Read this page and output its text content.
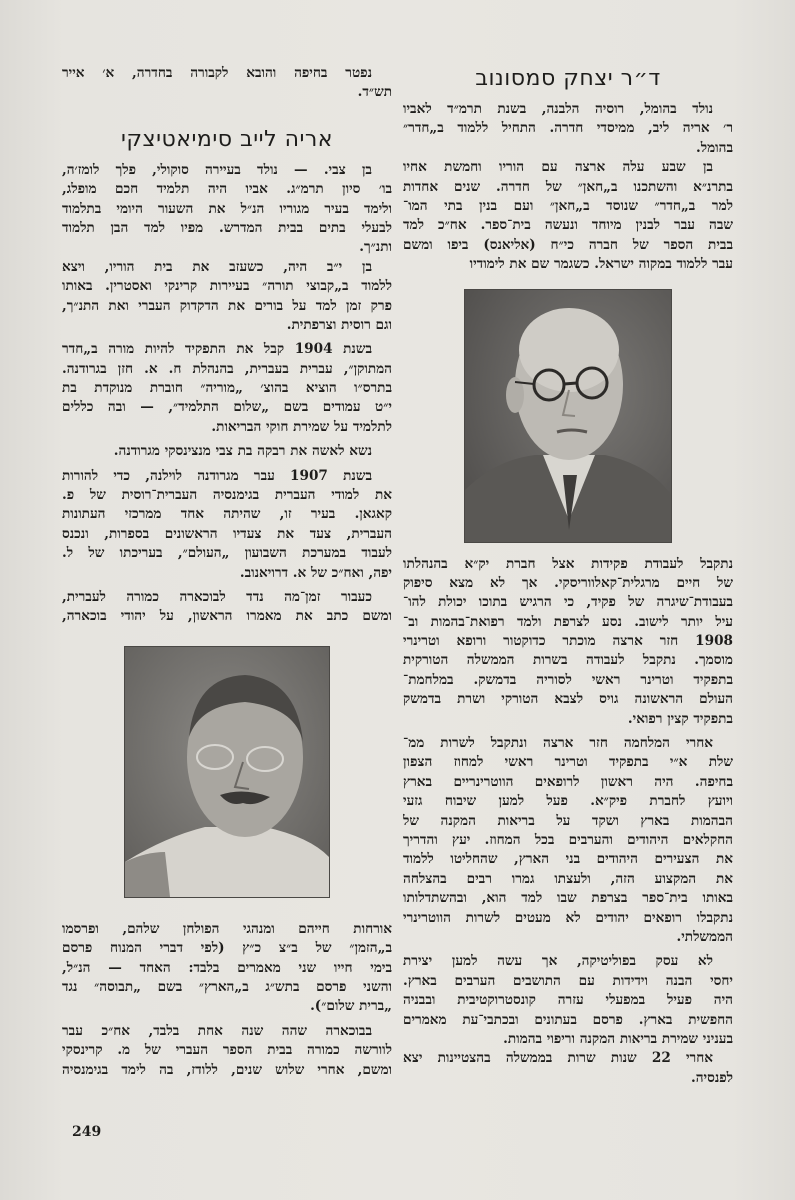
ד״ר יצחק סמסונוב
נולד בהומל, רוסיה הלבנה, בשנת תרמ״ד לאביו
ר׳ אריה ליב, ממיסדי חדרה. התחיל ללמוד ב„חדר״
בהומל.
בן שבע עלה ארצה עם הוריו וחמשת אחיו
בתרנ״א והשתכנו ב„חאן״ של חדרה. שנים אחדות
למר ב„חדר״ שנוסד ב„חאן״ ועם בנין בתי המו־
שבה עבר לבנין מיוחד ונעשה בית־ספר. אח״כ למד
בבית הספר של חברה כי״ח (אליאנס) ביפו ומשם
עבר ללמוד במקוה ישראל. כשגמר שם את לימודיו
נתקבל לעבודת פקידות אצל חברת יק״א בהנהלתו
של חיים מרגלית־קאלווריסקי. אך לא מצא סיפוק
בעבודת־שיגרה של פקיד, כי הרגיש בתוכו יכולת להו־
עיל יותר לישוב. נסע לצרפת ולמד רפואת־בהמות וב־
1908 חזר ארצה מוכתר כדוקטור ורופא וטרינרי
מוסמך. נתקבל לעבודה בשרות הממשלה הטורקית
בתפקיד וטרינר ראשי לסוריה בדמשק. במלחמת־
העולם הראשונה גויס לצבא הטורקי ושרת בדמשק
בתפקיד קצין רפואי.
אחרי המלחמה חזר ארצה ונתקבל לשרות ממ־
שלת א״י בתפקיד וטרינר ראשי למחוז הצפון
בחיפה. היה ראשון לרופאים הווטרינריים בארץ
ויועץ לחברת פיק״א. פעל למען שיבוח גזעי
הבהמות בארץ ושקד על בריאות המקנה של
החקלאים היהודים והערבים בכל המחוז. יעץ והדריך
את הצעירים היהודים בני הארץ, שהחליטו ללמוד
את המקצוע הזה, ולעצתו גמרו רבים בהצלחה
באותו בית־ספר בצרפת שבו למד הוא, ובהשתדלותו
נתקבלו רופאים יהודים לא מעטים לשרות הווטרינרי
הממשלתי.
לא עסק בפוליטיקה, אך עשה למען יצירת
יחסי הבנה וידידות עם התושבים הערבים בארץ.
היה פעיל במפעלי עזרה קונסטרוקטיבית ובבניה
החפשית בארץ. פרסם בעתונים ובכתבי־עת מאמרים
בעניני שמירת בריאות המקנה וריפוי בהמות.
אחרי 22 שנות שרות בממשלה בהצטיינות יצא
לפנסיה.
נפטר בחיפה והובא לקבורה בחדרה, א׳ אייר
תש״ד.
אריה לייב סימיאטיצקי
בן צבי. — נולד בעיירה סוקולי, פלך לומז׳ה,
בו׳ סיון תרמ״ג. אביו היה תלמיד חכם מופלג,
ולימד בעיר מגוריו הנ״ל את השעור היומי בתלמוד
לבעלי בתים בבית המדרש. מפיו למד הבן תלמוד
ותנ״ך.
בן י״ב היה, כשעזב את בית הוריו, ויצא
ללמוד ב„קבוצי תורה״ בעיירות קרינקי ואסטרין. באותו
פרק זמן למד על בורים את הדקדוק העברי ואת התנ״ך,
וגם רוסית וצרפתית.
בשנת 1904 קבל את התפקיד להיות מורה ב„חדר
המתוקן״, עברית בעברית, בהנהלת ח. א. חזן בגרודנה.
בתרס״ו הוציא בהוצ׳ „מוריה״ חוברת מנוקדת בת
י״ט עמודים בשם „שלום התלמיד״, — ובה כללים
לתלמיד על שמירת חוקי הבריאות.
נשא לאשה את רבקה בת צבי מנצינסקי מגרודנה.
בשנת 1907 עבר מגרודנה לוילנה, כדי להורות
את למודי העברית בגימנסיה העברית־רוסית של פ.
קאגאן. בעיר זו, שהיתה אחד ממרכזי העתונות
העברית, צעד את צעדיו הראשונים בספרות, ונכנס
לעבוד במערכת השבועון „העולם״, בעריכתו של ל.
יפה, ואח״כ של א. דרויאנוב.
כעבור זמן־מה נדד לבוכארה כמורה לעברית,
ומשם כתב את מאמרו הראשון, על יהודי בוכארה,
אורחות חייהם ומנהגי הפולחן שלהם, ופרסמו
ב„הזמן״ של ב״צ כ״ץ (לפי דברי המנוח פרסם
בימי חייו שני מאמרים בלבד: האחד — הנ״ל,
והשני פרסם בתש״ג ב„הארץ״ בשם „תבוסה״ נגד
„ברית שלום״).
בבוכארה שהה שנה אחת בלבד, אח״כ עבר
לוורשה כמורה בבית הספר העברי של מ. קרינסקי
ומשם, אחרי שלוש שנים, ללודז, בה לימד בגימנסיה
249
